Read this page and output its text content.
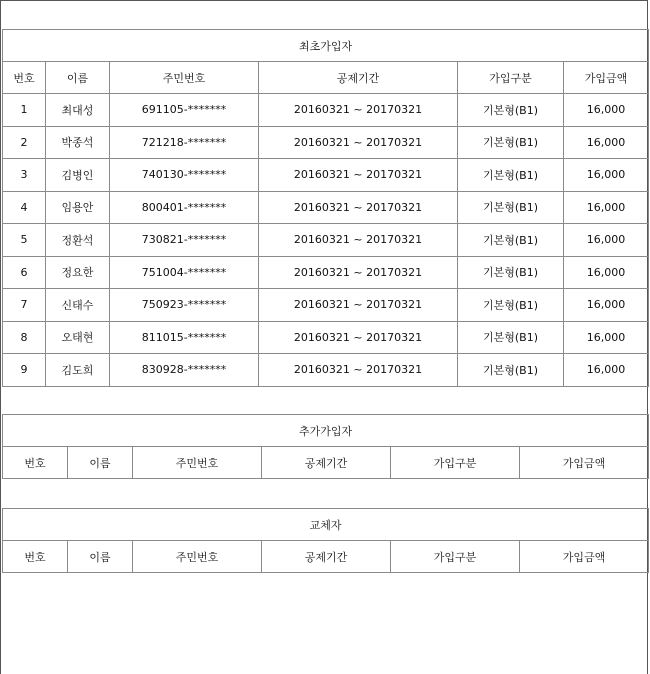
최초가입자					
번호	이름	주민번호	공제기간	가입구분	가입금액
1	최대성	691105-*******	20160321 ~ 20170321	기본형(B1)	16,000
2	박종석	721218-*******	20160321 ~ 20170321	기본형(B1)	16,000
3	김병인	740130-*******	20160321 ~ 20170321	기본형(B1)	16,000
4	임용안	800401-*******	20160321 ~ 20170321	기본형(B1)	16,000
5	정환석	730821-*******	20160321 ~ 20170321	기본형(B1)	16,000
6	정요한	751004-*******	20160321 ~ 20170321	기본형(B1)	16,000
7	신태수	750923-*******	20160321 ~ 20170321	기본형(B1)	16,000
8	오태현	811015-*******	20160321 ~ 20170321	기본형(B1)	16,000
9	김도희	830928-*******	20160321 ~ 20170321	기본형(B1)	16,000
추가가입자
번호	이름	주민번호	공제기간	가입구분	가입금액
교체자
번호	이름	주민번호	공제기간	가입구분	가입금액
